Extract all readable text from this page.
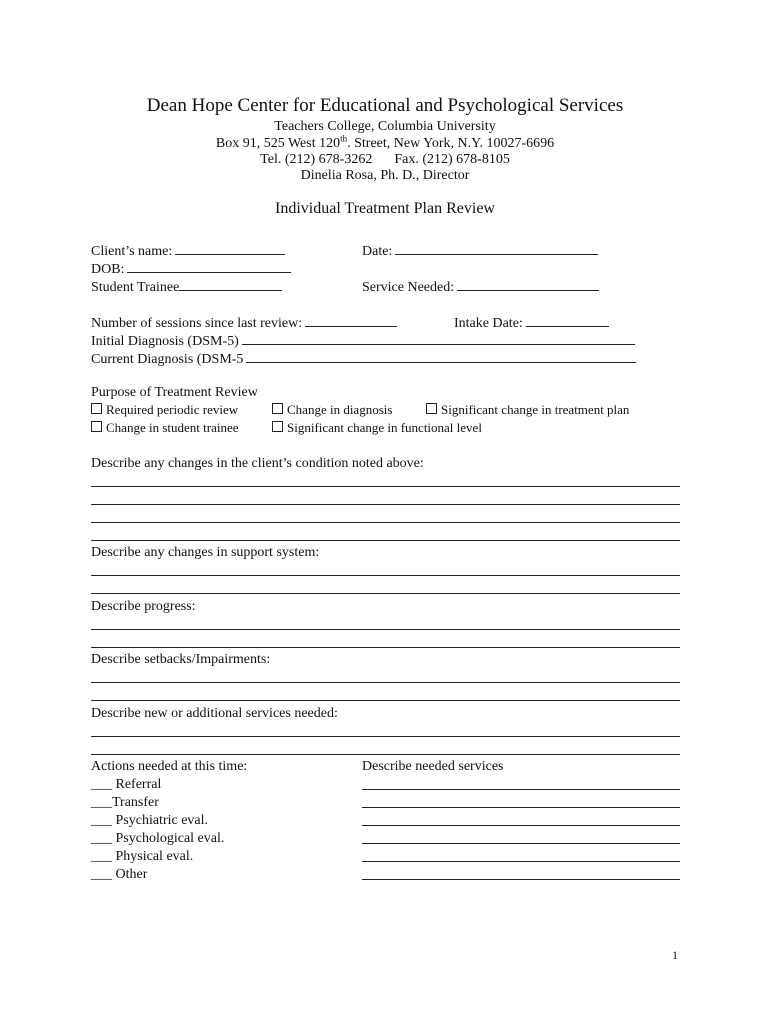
Dean Hope Center for Educational and Psychological Services
Teachers College, Columbia University
Box 91, 525 West 120th. Street, New York, N.Y. 10027-6696
Tel. (212) 678-3262 Fax. (212) 678-8105
Dinelia Rosa, Ph. D., Director
Individual Treatment Plan Review
Client’s name:	Date:
DOB:
Student Trainee	Service Needed:
Number of sessions since last review:	Intake Date:
Initial Diagnosis (DSM-5)
Current Diagnosis (DSM-5
Purpose of Treatment Review
Required periodic review	Change in diagnosis	Significant change in treatment plan
Change in student trainee	Significant change in functional level
Describe any changes in the client’s condition noted above:
Describe any changes in support system:
Describe progress:
Describe setbacks/Impairments:
Describe new or additional services needed:
Actions needed at this time:	Describe needed services
___ Referral
___Transfer
___ Psychiatric eval.
___ Psychological eval.
___ Physical eval.
___ Other
1
